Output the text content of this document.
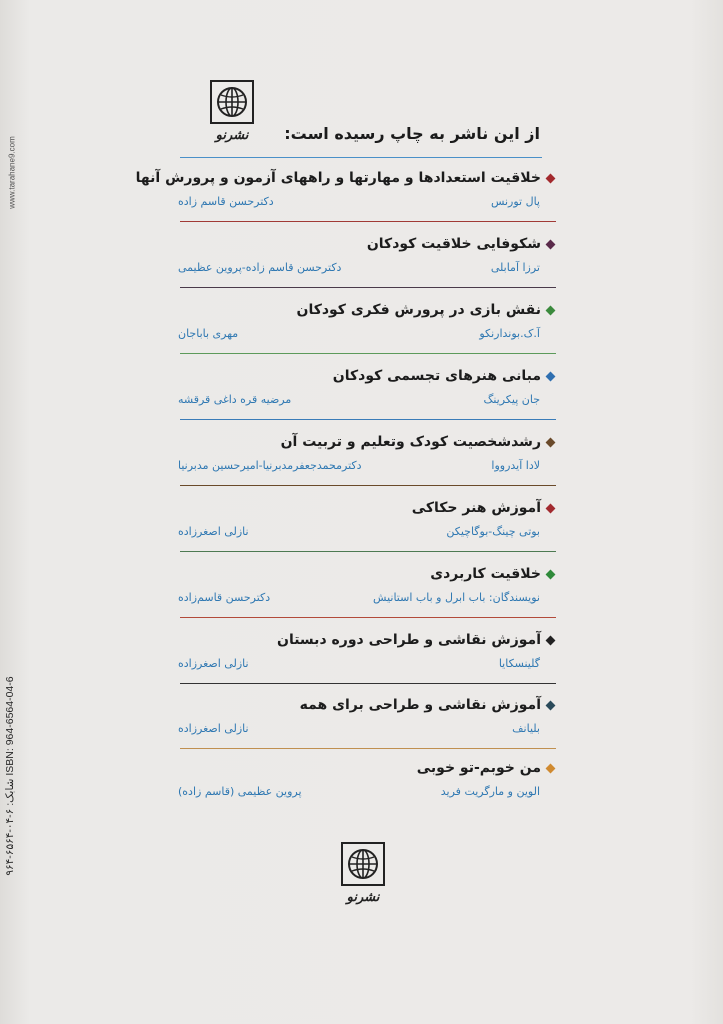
www.tarahane9.com
شابک: ۶-۰۴-۶۵۶۴-۹۶۴ ISBN: 964-6564-04-6
نشرنو	از این ناشر به چاپ رسیده است:
خلاقیت استعدادها و مهارتها و راههای آزمون و پرورش آنها
پال تورنس
دکترحسن قاسم زاده
شکوفایی خلاقیت کودکان
ترزا آمابلی
دکترحسن قاسم زاده-پروین عظیمی
نقش بازی در پرورش فکری کودکان
آ.ک.بوندارنکو
مهری باباجان
مبانی هنرهای تجسمی کودکان
جان پیکرینگ
مرضیه قره داغی قرقشه
رشدشخصیت کودک وتعلیم و تربیت آن
لادا آیدرووا
دکترمحمدجعفرمدبرنیا-امیرحسین مدبرنیا
آموزش هنر حکاکی
بوتی چینگ-بوگاچیکن
نازلی اصغرزاده
خلاقیت کاربردی
نویسندگان: باب ابرل و باب استانیش
دکترحسن قاسم‌زاده
آموزش نقاشی و طراحی دوره دبستان
گلینسکایا
نازلی اصغرزاده
آموزش نقاشی و طراحی برای همه
بلیانف
نازلی اصغرزاده
من خوبم-تو خوبی
الوین و مارگریت فرید
پروین عظیمی (قاسم زاده)
نشرنو
